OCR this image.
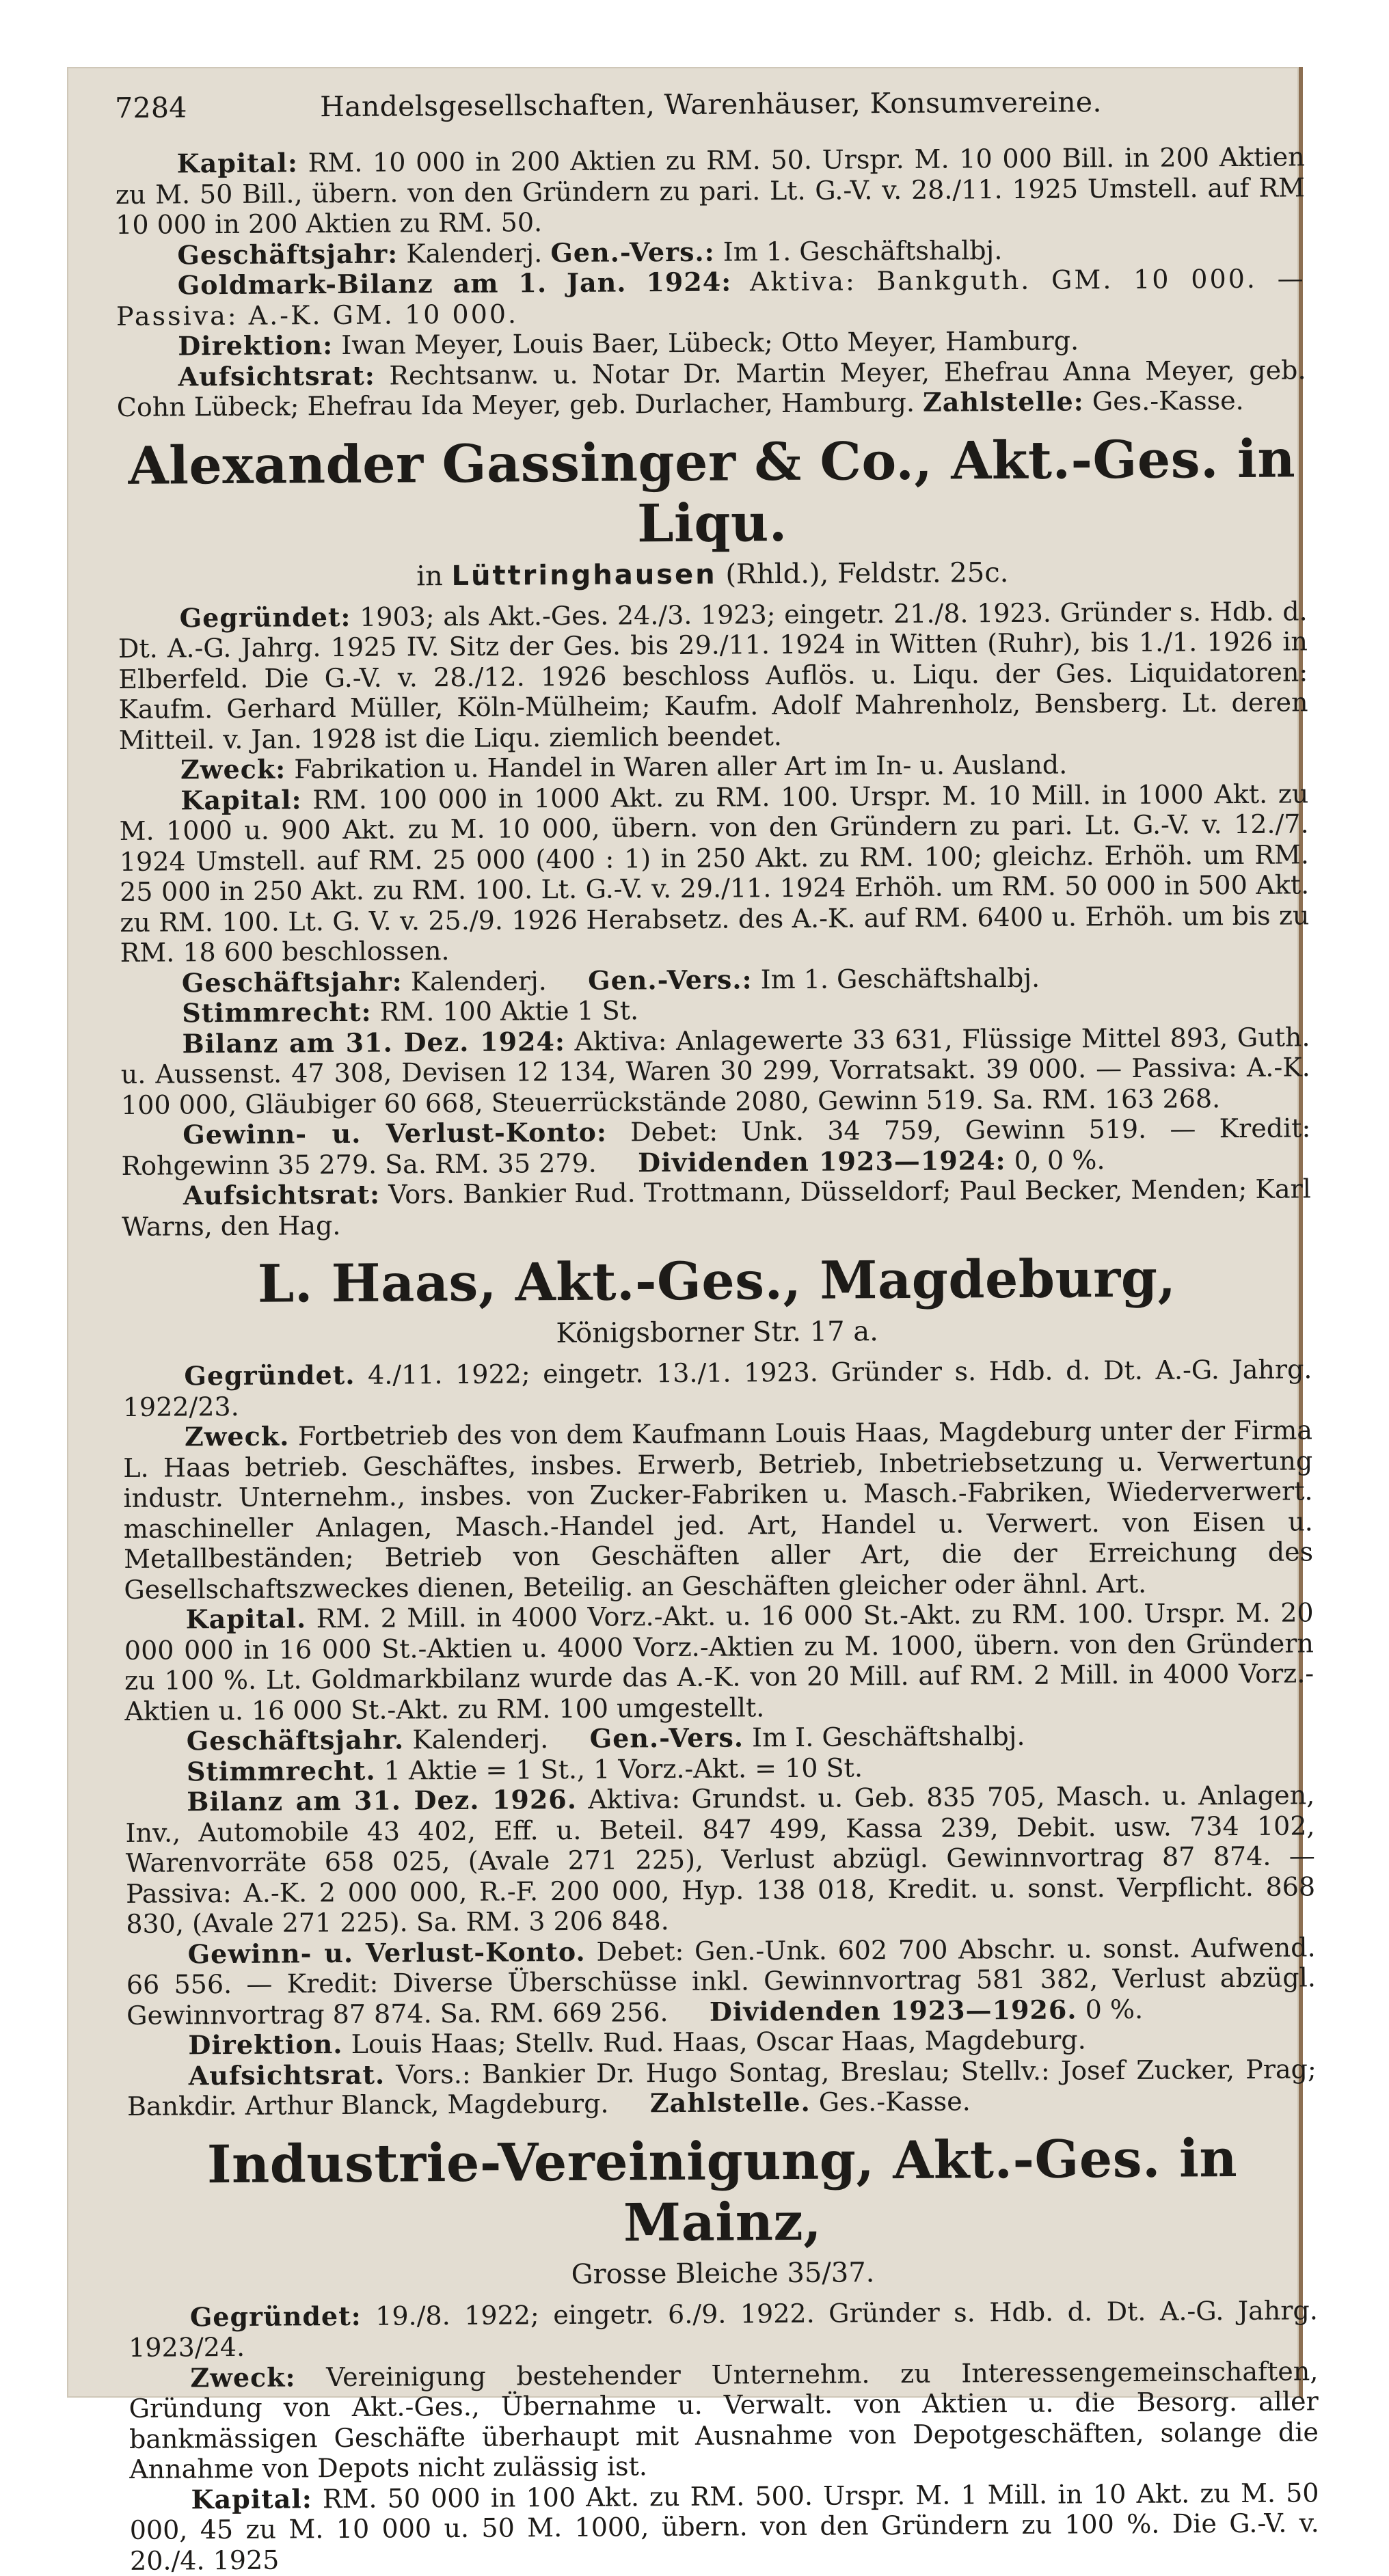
7284	Handelsgesellschaften, Warenhäuser, Konsumvereine.

Kapital: RM. 10 000 in 200 Aktien zu RM. 50. Urspr. M. 10 000 Bill. in 200 Aktien zu M. 50 Bill., übern. von den Gründern zu pari. Lt. G.-V. v. 28./11. 1925 Umstell. auf RM 10 000 in 200 Aktien zu RM. 50.

Geschäftsjahr: Kalenderj. Gen.-Vers.: Im 1. Geschäftshalbj.

Goldmark-Bilanz am 1. Jan. 1924: Aktiva: Bankguth. GM. 10 000. — Passiva: A.-K. GM. 10 000.

Direktion: Iwan Meyer, Louis Baer, Lübeck; Otto Meyer, Hamburg.

Aufsichtsrat: Rechtsanw. u. Notar Dr. Martin Meyer, Ehefrau Anna Meyer, geb. Cohn Lübeck; Ehefrau Ida Meyer, geb. Durlacher, Hamburg. Zahlstelle: Ges.-Kasse.

Alexander Gassinger & Co., Akt.-Ges. in Liqu.
in Lüttringhausen (Rhld.), Feldstr. 25c.

Gegründet: 1903; als Akt.-Ges. 24./3. 1923; eingetr. 21./8. 1923. Gründer s. Hdb. d. Dt. A.-G. Jahrg. 1925 IV. Sitz der Ges. bis 29./11. 1924 in Witten (Ruhr), bis 1./1. 1926 in Elberfeld. Die G.-V. v. 28./12. 1926 beschloss Auflös. u. Liqu. der Ges. Liquidatoren: Kaufm. Gerhard Müller, Köln-Mülheim; Kaufm. Adolf Mahrenholz, Bensberg. Lt. deren Mitteil. v. Jan. 1928 ist die Liqu. ziemlich beendet.

Zweck: Fabrikation u. Handel in Waren aller Art im In- u. Ausland.

Kapital: RM. 100 000 in 1000 Akt. zu RM. 100. Urspr. M. 10 Mill. in 1000 Akt. zu M. 1000 u. 900 Akt. zu M. 10 000, übern. von den Gründern zu pari. Lt. G.-V. v. 12./7. 1924 Umstell. auf RM. 25 000 (400 : 1) in 250 Akt. zu RM. 100; gleichz. Erhöh. um RM. 25 000 in 250 Akt. zu RM. 100. Lt. G.-V. v. 29./11. 1924 Erhöh. um RM. 50 000 in 500 Akt. zu RM. 100. Lt. G. V. v. 25./9. 1926 Herabsetz. des A.-K. auf RM. 6400 u. Erhöh. um bis zu RM. 18 600 beschlossen.

Geschäftsjahr: Kalenderj. Gen.-Vers.: Im 1. Geschäftshalbj.

Stimmrecht: RM. 100 Aktie 1 St.

Bilanz am 31. Dez. 1924: Aktiva: Anlagewerte 33 631, Flüssige Mittel 893, Guth. u. Aussenst. 47 308, Devisen 12 134, Waren 30 299, Vorratsakt. 39 000. — Passiva: A.-K. 100 000, Gläubiger 60 668, Steuerrückstände 2080, Gewinn 519. Sa. RM. 163 268.

Gewinn- u. Verlust-Konto: Debet: Unk. 34 759, Gewinn 519. — Kredit: Rohgewinn 35 279. Sa. RM. 35 279. Dividenden 1923—1924: 0, 0 %.

Aufsichtsrat: Vors. Bankier Rud. Trottmann, Düsseldorf; Paul Becker, Menden; Karl Warns, den Hag.

L. Haas, Akt.-Ges., Magdeburg,
Königsborner Str. 17 a.

Gegründet. 4./11. 1922; eingetr. 13./1. 1923. Gründer s. Hdb. d. Dt. A.-G. Jahrg. 1922/23.

Zweck. Fortbetrieb des von dem Kaufmann Louis Haas, Magdeburg unter der Firma L. Haas betrieb. Geschäftes, insbes. Erwerb, Betrieb, Inbetriebsetzung u. Verwertung industr. Unternehm., insbes. von Zucker-Fabriken u. Masch.-Fabriken, Wiederverwert. maschineller Anlagen, Masch.-Handel jed. Art, Handel u. Verwert. von Eisen u. Metallbeständen; Betrieb von Geschäften aller Art, die der Erreichung des Gesellschaftszweckes dienen, Beteilig. an Geschäften gleicher oder ähnl. Art.

Kapital. RM. 2 Mill. in 4000 Vorz.-Akt. u. 16 000 St.-Akt. zu RM. 100. Urspr. M. 20 000 000 in 16 000 St.-Aktien u. 4000 Vorz.-Aktien zu M. 1000, übern. von den Gründern zu 100 %. Lt. Goldmarkbilanz wurde das A.-K. von 20 Mill. auf RM. 2 Mill. in 4000 Vorz.-Aktien u. 16 000 St.-Akt. zu RM. 100 umgestellt.

Geschäftsjahr. Kalenderj. Gen.-Vers. Im I. Geschäftshalbj.

Stimmrecht. 1 Aktie = 1 St., 1 Vorz.-Akt. = 10 St.

Bilanz am 31. Dez. 1926. Aktiva: Grundst. u. Geb. 835 705, Masch. u. Anlagen, Inv., Automobile 43 402, Eff. u. Beteil. 847 499, Kassa 239, Debit. usw. 734 102, Warenvorräte 658 025, (Avale 271 225), Verlust abzügl. Gewinnvortrag 87 874. — Passiva: A.-K. 2 000 000, R.-F. 200 000, Hyp. 138 018, Kredit. u. sonst. Verpflicht. 868 830, (Avale 271 225). Sa. RM. 3 206 848.

Gewinn- u. Verlust-Konto. Debet: Gen.-Unk. 602 700 Abschr. u. sonst. Aufwend. 66 556. — Kredit: Diverse Überschüsse inkl. Gewinnvortrag 581 382, Verlust abzügl. Gewinnvortrag 87 874. Sa. RM. 669 256. Dividenden 1923—1926. 0 %.

Direktion. Louis Haas; Stellv. Rud. Haas, Oscar Haas, Magdeburg.

Aufsichtsrat. Vors.: Bankier Dr. Hugo Sontag, Breslau; Stellv.: Josef Zucker, Prag; Bankdir. Arthur Blanck, Magdeburg. Zahlstelle. Ges.-Kasse.

Industrie-Vereinigung, Akt.-Ges. in Mainz,
Grosse Bleiche 35/37.

Gegründet: 19./8. 1922; eingetr. 6./9. 1922. Gründer s. Hdb. d. Dt. A.-G. Jahrg. 1923/24.

Zweck: Vereinigung bestehender Unternehm. zu Interessengemeinschaften, Gründung von Akt.-Ges., Übernahme u. Verwalt. von Aktien u. die Besorg. aller bankmässigen Geschäfte überhaupt mit Ausnahme von Depotgeschäften, solange die Annahme von Depots nicht zulässig ist.

Kapital: RM. 50 000 in 100 Akt. zu RM. 500. Urspr. M. 1 Mill. in 10 Akt. zu M. 50 000, 45 zu M. 10 000 u. 50 M. 1000, übern. von den Gründern zu 100 %. Die G.-V. v. 20./4. 1925
